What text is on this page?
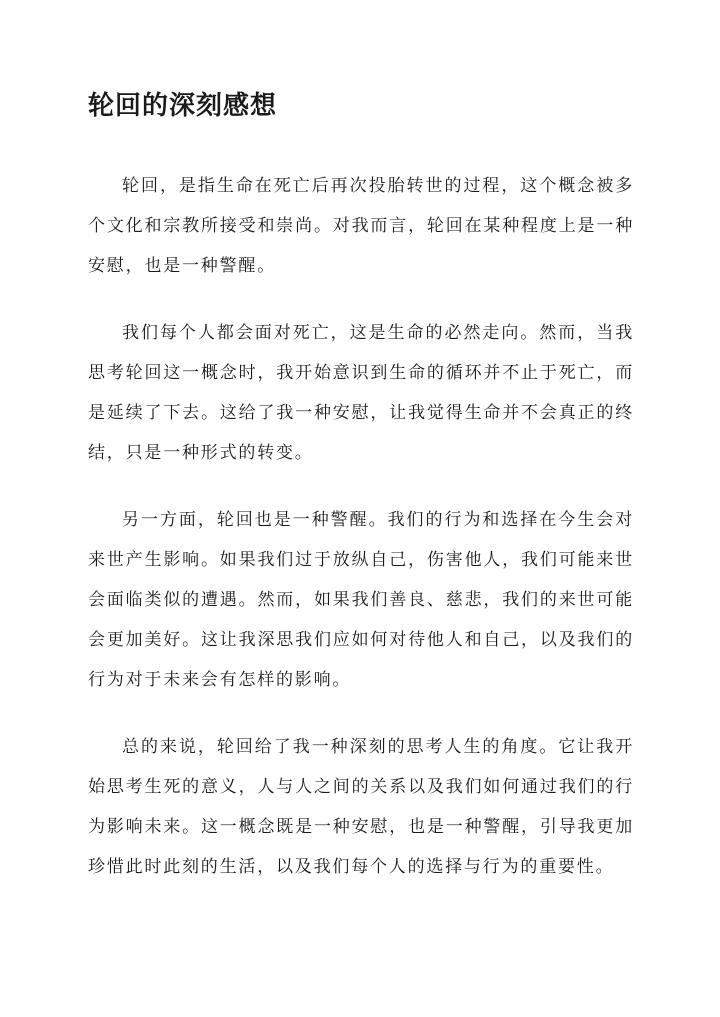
轮回的深刻感想

轮回，是指生命在死亡后再次投胎转世的过程，这个概念被多个文化和宗教所接受和崇尚。对我而言，轮回在某种程度上是一种安慰，也是一种警醒。

我们每个人都会面对死亡，这是生命的必然走向。然而，当我思考轮回这一概念时，我开始意识到生命的循环并不止于死亡，而是延续了下去。这给了我一种安慰，让我觉得生命并不会真正的终结，只是一种形式的转变。

另一方面，轮回也是一种警醒。我们的行为和选择在今生会对来世产生影响。如果我们过于放纵自己，伤害他人，我们可能来世会面临类似的遭遇。然而，如果我们善良、慈悲，我们的来世可能会更加美好。这让我深思我们应如何对待他人和自己，以及我们的行为对于未来会有怎样的影响。

总的来说，轮回给了我一种深刻的思考人生的角度。它让我开始思考生死的意义，人与人之间的关系以及我们如何通过我们的行为影响未来。这一概念既是一种安慰，也是一种警醒，引导我更加珍惜此时此刻的生活，以及我们每个人的选择与行为的重要性。
